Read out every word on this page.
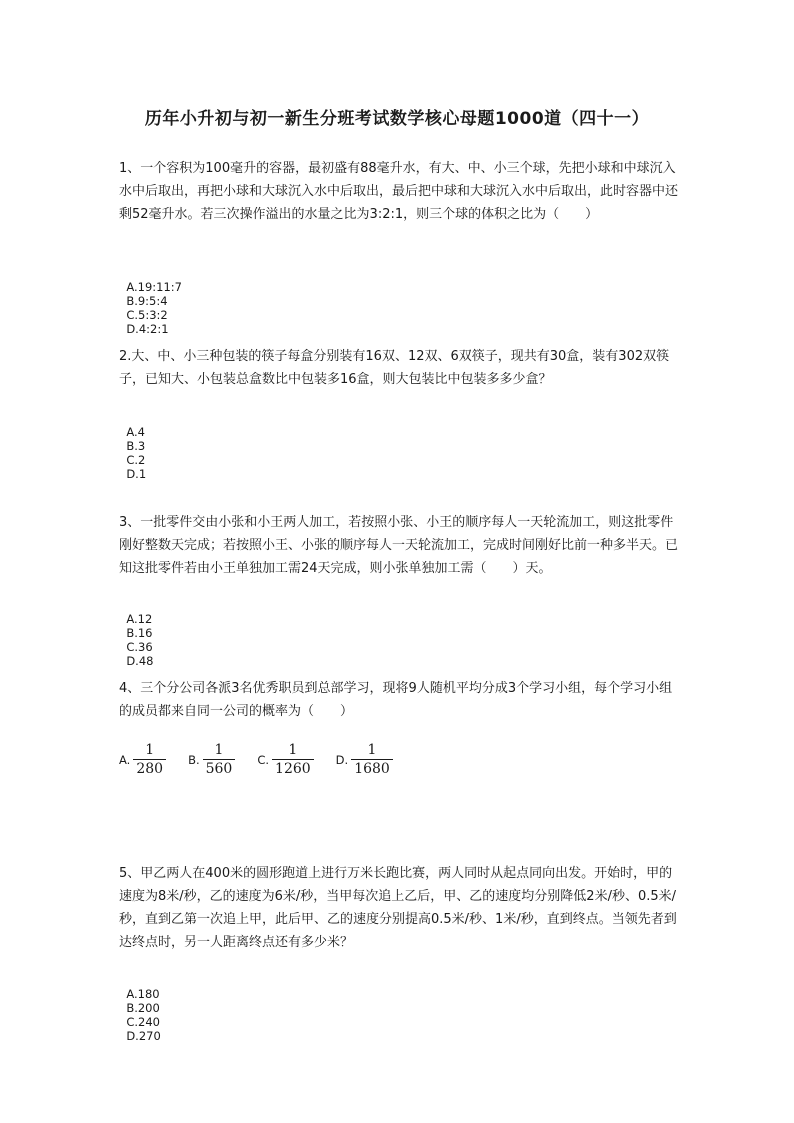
历年小升初与初一新生分班考试数学核心母题1000道（四十一）
1、一个容积为100毫升的容器，最初盛有88毫升水，有大、中、小三个球，先把小球和中球沉入水中后取出，再把小球和大球沉入水中后取出，最后把中球和大球沉入水中后取出，此时容器中还剩52毫升水。若三次操作溢出的水量之比为3:2:1，则三个球的体积之比为（　　）

A.19:11:7
B.9:5:4
C.5:3:2
D.4:2:1

2.大、中、小三种包装的筷子每盒分别装有16双、12双、6双筷子，现共有30盒，装有302双筷子，已知大、小包装总盒数比中包装多16盒，则大包装比中包装多多少盒？

A.4
B.3
C.2
D.1

3、一批零件交由小张和小王两人加工，若按照小张、小王的顺序每人一天轮流加工，则这批零件刚好整数天完成；若按照小王、小张的顺序每人一天轮流加工，完成时间刚好比前一种多半天。已知这批零件若由小王单独加工需24天完成，则小张单独加工需（　　）天。

A.12
B.16
C.36
D.48

4、三个分公司各派3名优秀职员到总部学习，现将9人随机平均分成3个学习小组，每个学习小组的成员都来自同一公司的概率为（　　）
A. $\frac{1}{280} B$. $\frac{1}{560} C$. $\frac{1}{1260} D$. $\frac{1}{1680}$
5、甲乙两人在400米的圆形跑道上进行万米长跑比赛，两人同时从起点同向出发。开始时，甲的速度为8米/秒，乙的速度为6米/秒，当甲每次追上乙后，甲、乙的速度均分别降低2米/秒、0.5米/秒，直到乙第一次追上甲，此后甲、乙的速度分别提高0.5米/秒、1米/秒，直到终点。当领先者到达终点时，另一人距离终点还有多少米？

A.180
B.200
C.240
D.270
